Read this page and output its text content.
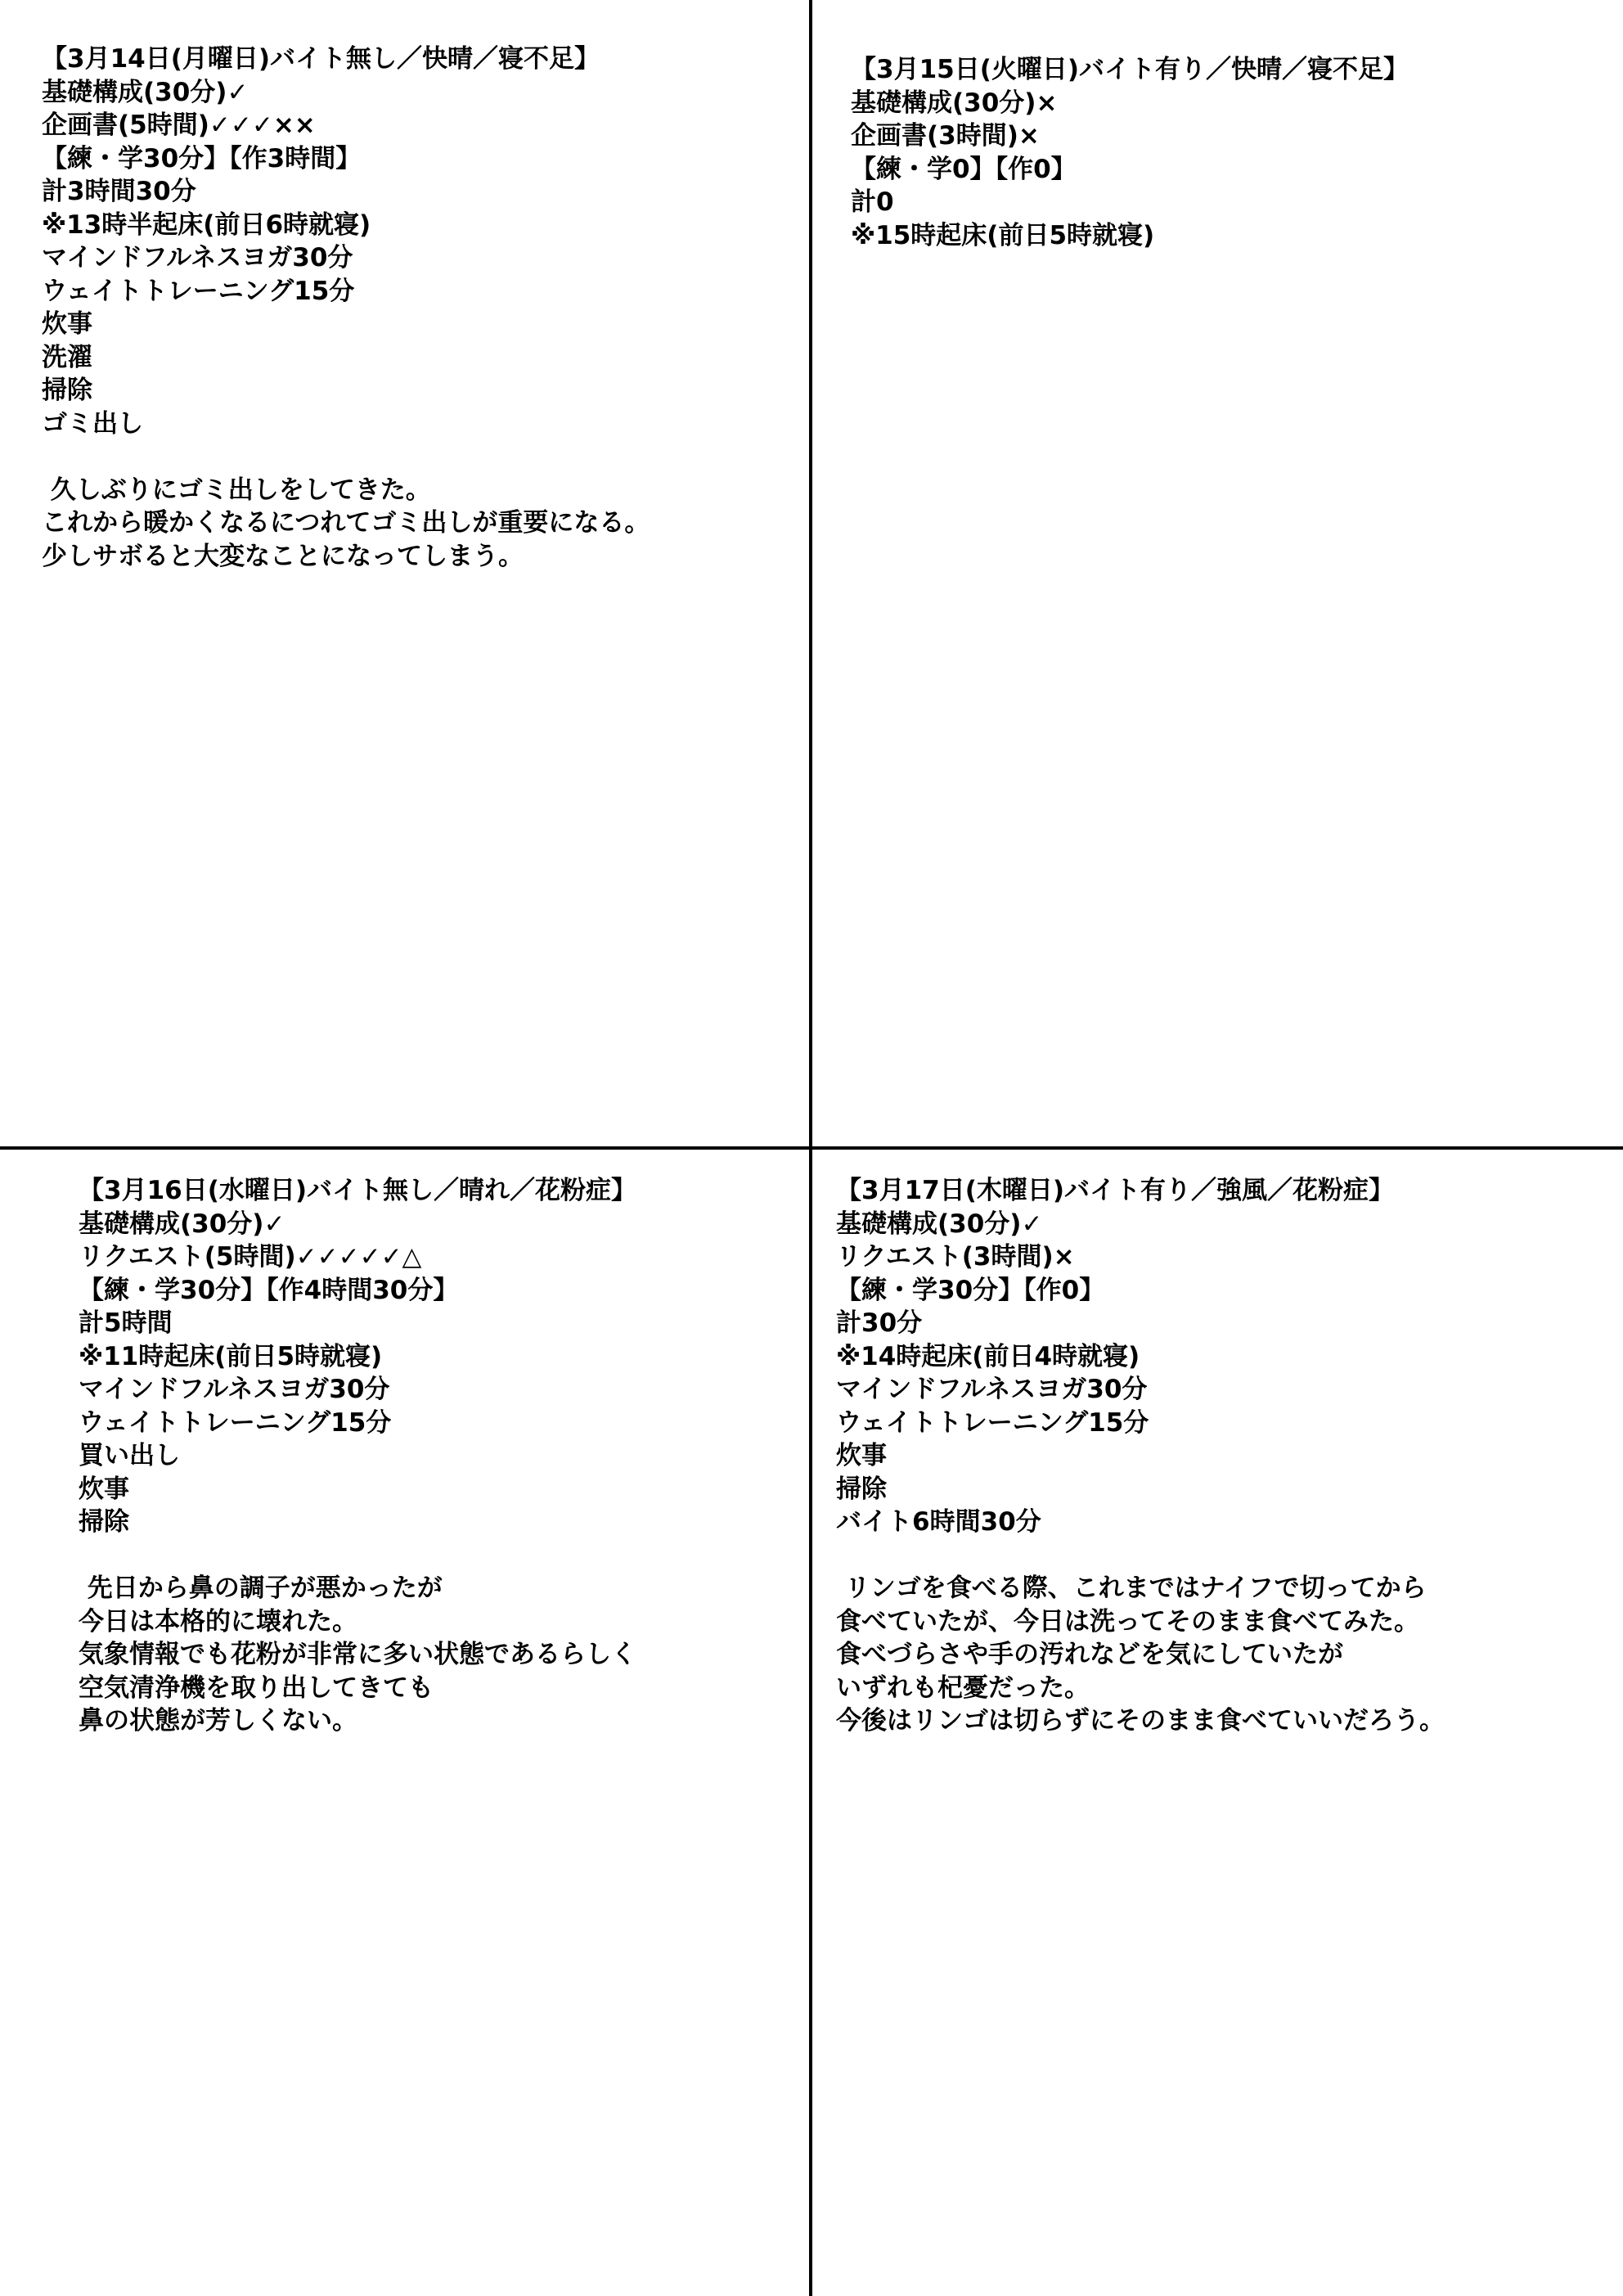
【3月14日(月曜日)バイト無し／快晴／寝不足】
基礎構成(30分)✓
企画書(5時間)✓✓✓××
【練・学30分】【作3時間】
計3時間30分
※13時半起床(前日6時就寝)
マインドフルネスヨガ30分
ウェイトトレーニング15分
炊事
洗濯
掃除
ゴミ出し
久しぶりにゴミ出しをしてきた。
これから暖かくなるにつれてゴミ出しが重要になる。
少しサボると大変なことになってしまう。
【3月15日(火曜日)バイト有り／快晴／寝不足】
基礎構成(30分)×
企画書(3時間)×
【練・学0】【作0】
計0
※15時起床(前日5時就寝)
【3月16日(水曜日)バイト無し／晴れ／花粉症】
基礎構成(30分)✓
リクエスト(5時間)✓✓✓✓✓△
【練・学30分】【作4時間30分】
計5時間
※11時起床(前日5時就寝)
マインドフルネスヨガ30分
ウェイトトレーニング15分
買い出し
炊事
掃除
先日から鼻の調子が悪かったが
今日は本格的に壊れた。
気象情報でも花粉が非常に多い状態であるらしく
空気清浄機を取り出してきても
鼻の状態が芳しくない。
【3月17日(木曜日)バイト有り／強風／花粉症】
基礎構成(30分)✓
リクエスト(3時間)×
【練・学30分】【作0】
計30分
※14時起床(前日4時就寝)
マインドフルネスヨガ30分
ウェイトトレーニング15分
炊事
掃除
バイト6時間30分
リンゴを食べる際、これまではナイフで切ってから
食べていたが、今日は洗ってそのまま食べてみた。
食べづらさや手の汚れなどを気にしていたが
いずれも杞憂だった。
今後はリンゴは切らずにそのまま食べていいだろう。
